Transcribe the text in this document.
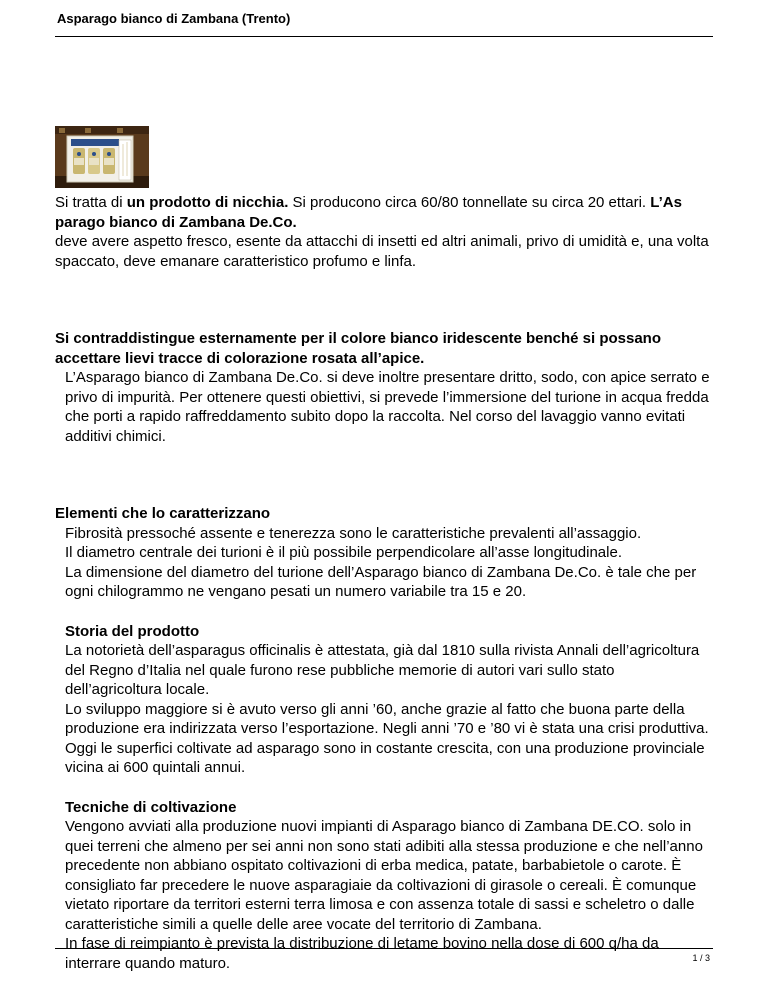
Asparago bianco di Zambana (Trento)

Si tratta di un prodotto di nicchia. Si producono circa 60/80 tonnellate su circa 20 ettari. L’As parago bianco di Zambana De.Co.

deve avere aspetto fresco, esente da attacchi di insetti ed altri animali, privo di umidità e, una volta spaccato, deve emanare caratteristico profumo e linfa.

Si contraddistingue esternamente per il colore bianco iridescente benché si possano accettare lievi tracce di colorazione rosata all’apice.

L’Asparago bianco di Zambana De.Co. si deve inoltre presentare dritto, sodo, con apice serrato e privo di impurità. Per ottenere questi obiettivi, si prevede l’immersione del turione in acqua fredda che porti a rapido raffreddamento subito dopo la raccolta. Nel corso del lavaggio vanno evitati additivi chimici.

Elementi che lo caratterizzano

Fibrosità pressoché assente e tenerezza sono le caratteristiche prevalenti all’assaggio.

Il diametro centrale dei turioni è il più possibile perpendicolare all’asse longitudinale.

La dimensione del diametro del turione dell’Asparago bianco di Zambana De.Co. è tale che per ogni chilogrammo ne vengano pesati un numero variabile tra 15 e 20.

Storia del prodotto

La notorietà dell’asparagus officinalis è attestata, già dal 1810 sulla rivista Annali dell’agricoltura del Regno d’Italia nel quale furono rese pubbliche memorie di autori vari sullo stato dell’agricoltura locale.

Lo sviluppo maggiore si è avuto verso gli anni ’60, anche grazie al fatto che buona parte della produzione era indirizzata verso l’esportazione. Negli anni ’70 e ’80 vi è stata una crisi produttiva. Oggi le superfici coltivate ad asparago sono in costante crescita, con una produzione provinciale vicina ai 600 quintali annui.

Tecniche di coltivazione

Vengono avviati alla produzione nuovi impianti di Asparago bianco di Zambana DE.CO. solo in quei terreni che almeno per sei anni non sono stati adibiti alla stessa produzione e che nell’anno precedente non abbiano ospitato coltivazioni di erba medica, patate, barbabietole o carote. È consigliato far precedere le nuove asparagiaie da coltivazioni di girasole o cereali. È comunque vietato riportare da territori esterni terra limosa e con assenza totale di sassi e scheletro o dalle caratteristiche simili a quelle delle aree vocate del territorio di Zambana.

In fase di reimpianto è prevista la distribuzione di letame bovino nella dose di 600 q/ha da interrare quando maturo.	1 / 3
